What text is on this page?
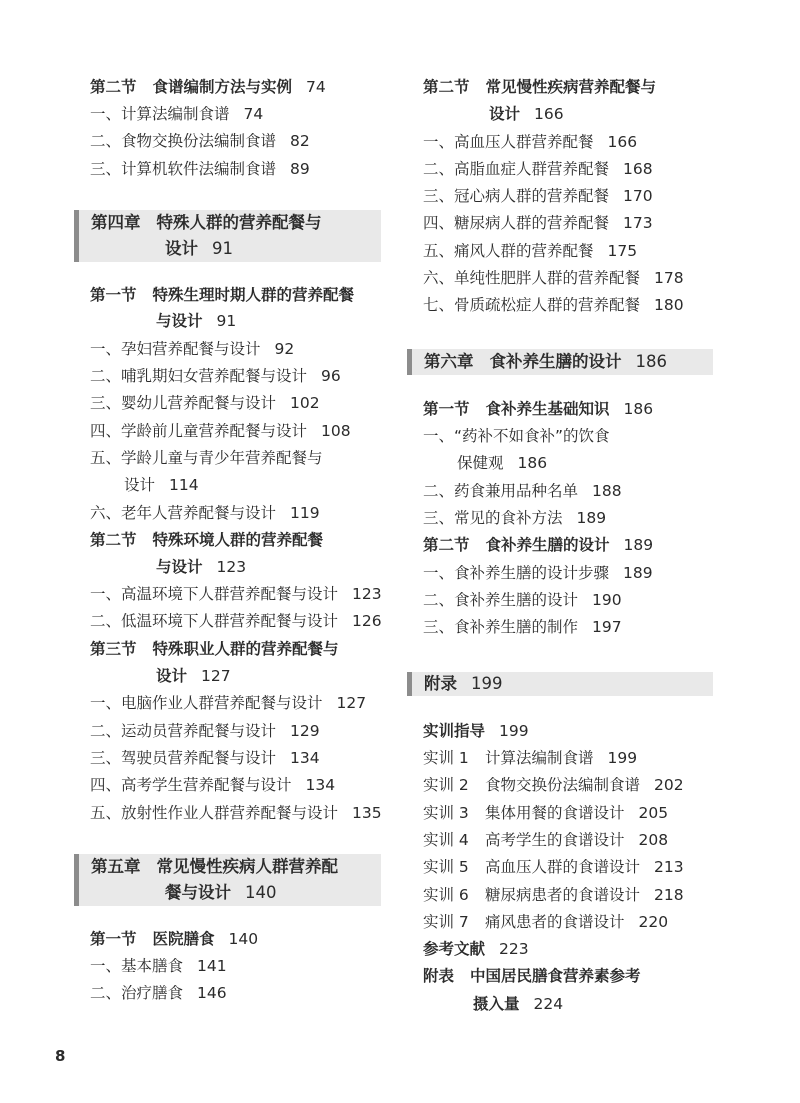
第二节 食谱编制方法与实例 74
一、计算法编制食谱 74
二、食物交换份法编制食谱 82
三、计算机软件法编制食谱 89
第四章 特殊人群的营养配餐与
设计 91
第一节 特殊生理时期人群的营养配餐
与设计 91
一、孕妇营养配餐与设计 92
二、哺乳期妇女营养配餐与设计 96
三、婴幼儿营养配餐与设计 102
四、学龄前儿童营养配餐与设计 108
五、学龄儿童与青少年营养配餐与
设计 114
六、老年人营养配餐与设计 119
第二节 特殊环境人群的营养配餐
与设计 123
一、高温环境下人群营养配餐与设计 123
二、低温环境下人群营养配餐与设计 126
第三节 特殊职业人群的营养配餐与
设计 127
一、电脑作业人群营养配餐与设计 127
二、运动员营养配餐与设计 129
三、驾驶员营养配餐与设计 134
四、高考学生营养配餐与设计 134
五、放射性作业人群营养配餐与设计 135
第五章 常见慢性疾病人群营养配
餐与设计 140
第一节 医院膳食 140
一、基本膳食 141
二、治疗膳食 146
第二节 常见慢性疾病营养配餐与
设计 166
一、高血压人群营养配餐 166
二、高脂血症人群营养配餐 168
三、冠心病人群的营养配餐 170
四、糖尿病人群的营养配餐 173
五、痛风人群的营养配餐 175
六、单纯性肥胖人群的营养配餐 178
七、骨质疏松症人群的营养配餐 180
第六章 食补养生膳的设计 186
第一节 食补养生基础知识 186
一、“药补不如食补”的饮食
保健观 186
二、药食兼用品种名单 188
三、常见的食补方法 189
第二节 食补养生膳的设计 189
一、食补养生膳的设计步骤 189
二、食补养生膳的设计 190
三、食补养生膳的制作 197
附录 199
实训指导 199
实训 1 计算法编制食谱 199
实训 2 食物交换份法编制食谱 202
实训 3 集体用餐的食谱设计 205
实训 4 高考学生的食谱设计 208
实训 5 高血压人群的食谱设计 213
实训 6 糖尿病患者的食谱设计 218
实训 7 痛风患者的食谱设计 220
参考文献 223
附表 中国居民膳食营养素参考
摄入量 224
8
